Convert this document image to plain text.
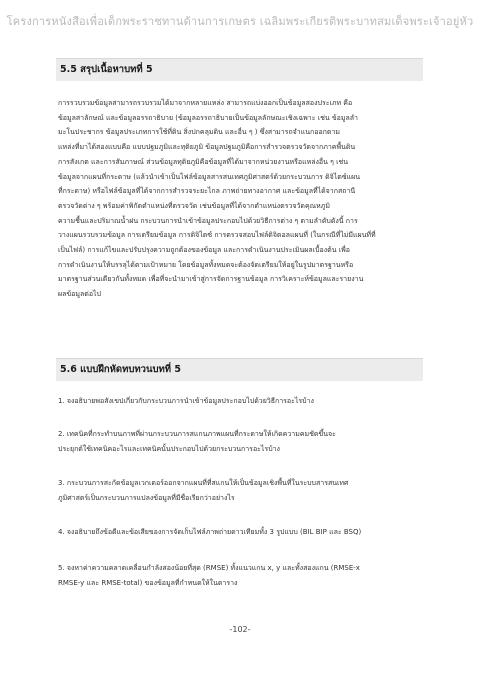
โครงการหนังสือเพื่อเด็กพระราชทานด้านการเกษตร เฉลิมพระเกียรติพระบาทสมเด็จพระเจ้าอยู่หัว
5.5 สรุปเนื้อหาบทที่ 5
การรวบรวมข้อมูลสามารถรวบรวมได้มาจากหลายแหล่ง สามารถแบ่งออกเป็นข้อมูลสองประเภท คือ
ข้อมูลสาลักษณ์ และข้อมูลอรรถาธิบาย (ข้อมูลอรรถาธิบายเป็นข้อมูลลักษณะเชิงเฉพาะ เช่น ข้อมูลลำ
มะโนประชากร ข้อมูลประเภทการใช้ที่ดิน สิ่งปกคลุมดิน และอื่น ๆ ) ซึ่งสามารถจำแนกออกตาม
แหล่งที่มาได้สองแบบคือ แบบปฐมภูมิและทุติยภูมิ ข้อมูลปฐมภูมิคือการสำรวจตรวจวัดจากภาคพื้นดิน
การสังเกต และการสัมภาษณ์ ส่วนข้อมูลทุติยภูมิคือข้อมูลที่ได้มาจากหน่วยงานหรือแหล่งอื่น ๆ เช่น
ข้อมูลจากแผนที่กระดาษ (แล้วนำเข้าเป็นไฟล์ข้อมูลสารสนเทศภูมิศาสตร์ด้วยกระบวนการ ดิจิไตซ์แผน
ที่กระดาษ) หรือไฟล์ข้อมูลที่ได้จากการสำรวจระยะไกล ภาพถ่ายทางอากาศ และข้อมูลที่ได้จากสถานี
ตรวจวัดต่าง ๆ พร้อมค่าพิกัดตำแหน่งที่ตรวจวัด เช่นข้อมูลที่ได้จากตำแหน่งตรวจวัดคุณหภูมิ
ความชื้นและปริมาณน้ำฝน กระบวนการนำเข้าข้อมูลประกอบไปด้วยวิธีการต่าง ๆ ตามลำดับดังนี้ การ
วางแผนรวบรวมข้อมูล การเตรียมข้อมูล การดิจิไตซ์ การตรวจสอบไฟล์ดิจิตอลแผนที่ (ในกรณีที่ไม่มีแผนที่ที่
เป็นไฟล์) การแก้ไขและปรับปรุงความถูกต้องของข้อมูล และการดำเนินงานประเมินผลเบื้องต้น เพื่อ
การดำเนินงานให้บรรลุได้ตามเป้าหมาย โดยข้อมูลทั้งหมดจะต้องจัดเตรียมให้อยู่ในรูปมาตรฐานหรือ
มาตรฐานส่วนเดียวกันทั้งหมด เพื่อที่จะนำมาเข้าสู่การจัดการฐานข้อมูล การวิเคราะห์ข้อมูลและรายงาน
ผลข้อมูลต่อไป
5.6 แบบฝึกหัดทบทวนบทที่ 5
1. จงอธิบายพอสังเขปเกี่ยวกับกระบวนการนำเข้าข้อมูลประกอบไปด้วยวิธีการอะไรบ้าง
2. เทคนิคที่กระทำบนภาพที่ผ่านกระบวนการสแกนภาพแผนที่กระดาษให้เกิดความคมชัดขึ้นจะ
ประยุกต์ใช้เทคนิคอะไรและเทคนิคนั้นประกอบไปด้วยกระบวนการอะไรบ้าง
3. กระบวนการสะกัดข้อมูลเวกเตอร์ออกจากแผนที่ที่สแกนให้เป็นข้อมูลเชิงพื้นที่ในระบบสารสนเทศ
ภูมิศาสตร์เป็นกระบวนการแปลงข้อมูลที่มีชื่อเรียกว่าอย่างไร
4. จงอธิบายถึงข้อดีและข้อเสียของการจัดเก็บไฟล์ภาพถ่ายดาวเทียมทั้ง 3 รูปแบบ (BIL BIP และ BSQ)
5. จงหาค่าความคลาดเคลื่อนกำลังสองน้อยที่สุด (RMSE) ทั้งแนวแกน x, y และทั้งสองแกน (RMSE-x
RMSE-y และ RMSE-total) ของข้อมูลที่กำหนดให้ในตาราง
-102-
